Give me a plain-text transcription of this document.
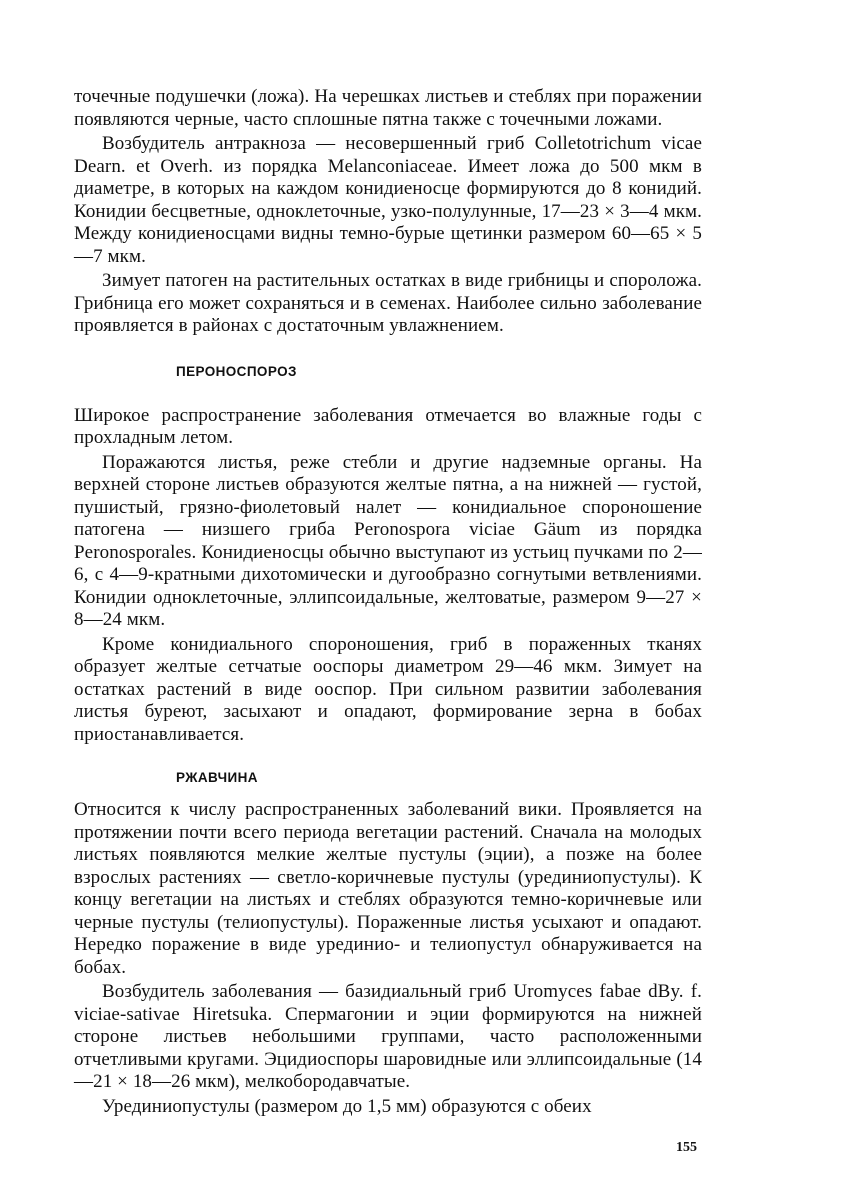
точечные подушечки (ложа). На черешках листьев и стеблях при поражении появляются черные, часто сплошные пятна также с точечными ложами.

Возбудитель антракноза — несовершенный гриб Colletotrichum vicae Dearn. et Overh. из порядка Melanconiaceae. Имеет ложа до 500 мкм в диаметре, в которых на каждом конидиеносце формируются до 8 конидий. Конидии бесцветные, одноклеточные, узко-полулунные, 17—23 × 3—4 мкм. Между конидиеносцами видны темно-бурые щетинки размером 60—65 × 5—7 мкм.

Зимует патоген на растительных остатках в виде грибницы и спороложа. Грибница его может сохраняться и в семенах. Наиболее сильно заболевание проявляется в районах с достаточным увлажнением.

ПЕРОНОСПОРОЗ

Широкое распространение заболевания отмечается во влажные годы с прохладным летом.

Поражаются листья, реже стебли и другие надземные органы. На верхней стороне листьев образуются желтые пятна, а на нижней — густой, пушистый, грязно-фиолетовый налет — конидиальное спороношение патогена — низшего гриба Peronospora viciae Gäum из порядка Peronosporales. Конидиеносцы обычно выступают из устьиц пучками по 2—6, с 4—9-кратными дихотомически и дугообразно согнутыми ветвлениями. Конидии одноклеточные, эллипсоидальные, желтоватые, размером 9—27 × 8—24 мкм.

Кроме конидиального спороношения, гриб в пораженных тканях образует желтые сетчатые ооспоры диаметром 29—46 мкм. Зимует на остатках растений в виде ооспор. При сильном развитии заболевания листья буреют, засыхают и опадают, формирование зерна в бобах приостанавливается.

РЖАВЧИНА

Относится к числу распространенных заболеваний вики. Проявляется на протяжении почти всего периода вегетации растений. Сначала на молодых листьях появляются мелкие желтые пустулы (эции), а позже на более взрослых растениях — светло-коричневые пустулы (урединиопустулы). К концу вегетации на листьях и стеблях образуются темно-коричневые или черные пустулы (телиопустулы). Пораженные листья усыхают и опадают. Нередко поражение в виде урединио- и телиопустул обнаруживается на бобах.

Возбудитель заболевания — базидиальный гриб Uromyces fabae dBy. f. viciae-sativae Hiretsuka. Спермагонии и эции формируются на нижней стороне листьев небольшими группами, часто расположенными отчетливыми кругами. Эцидиоспоры шаровидные или эллипсоидальные (14—21 × 18—26 мкм), мелкобородавчатые.

Урединиопустулы (размером до 1,5 мм) образуются с обеих

155
